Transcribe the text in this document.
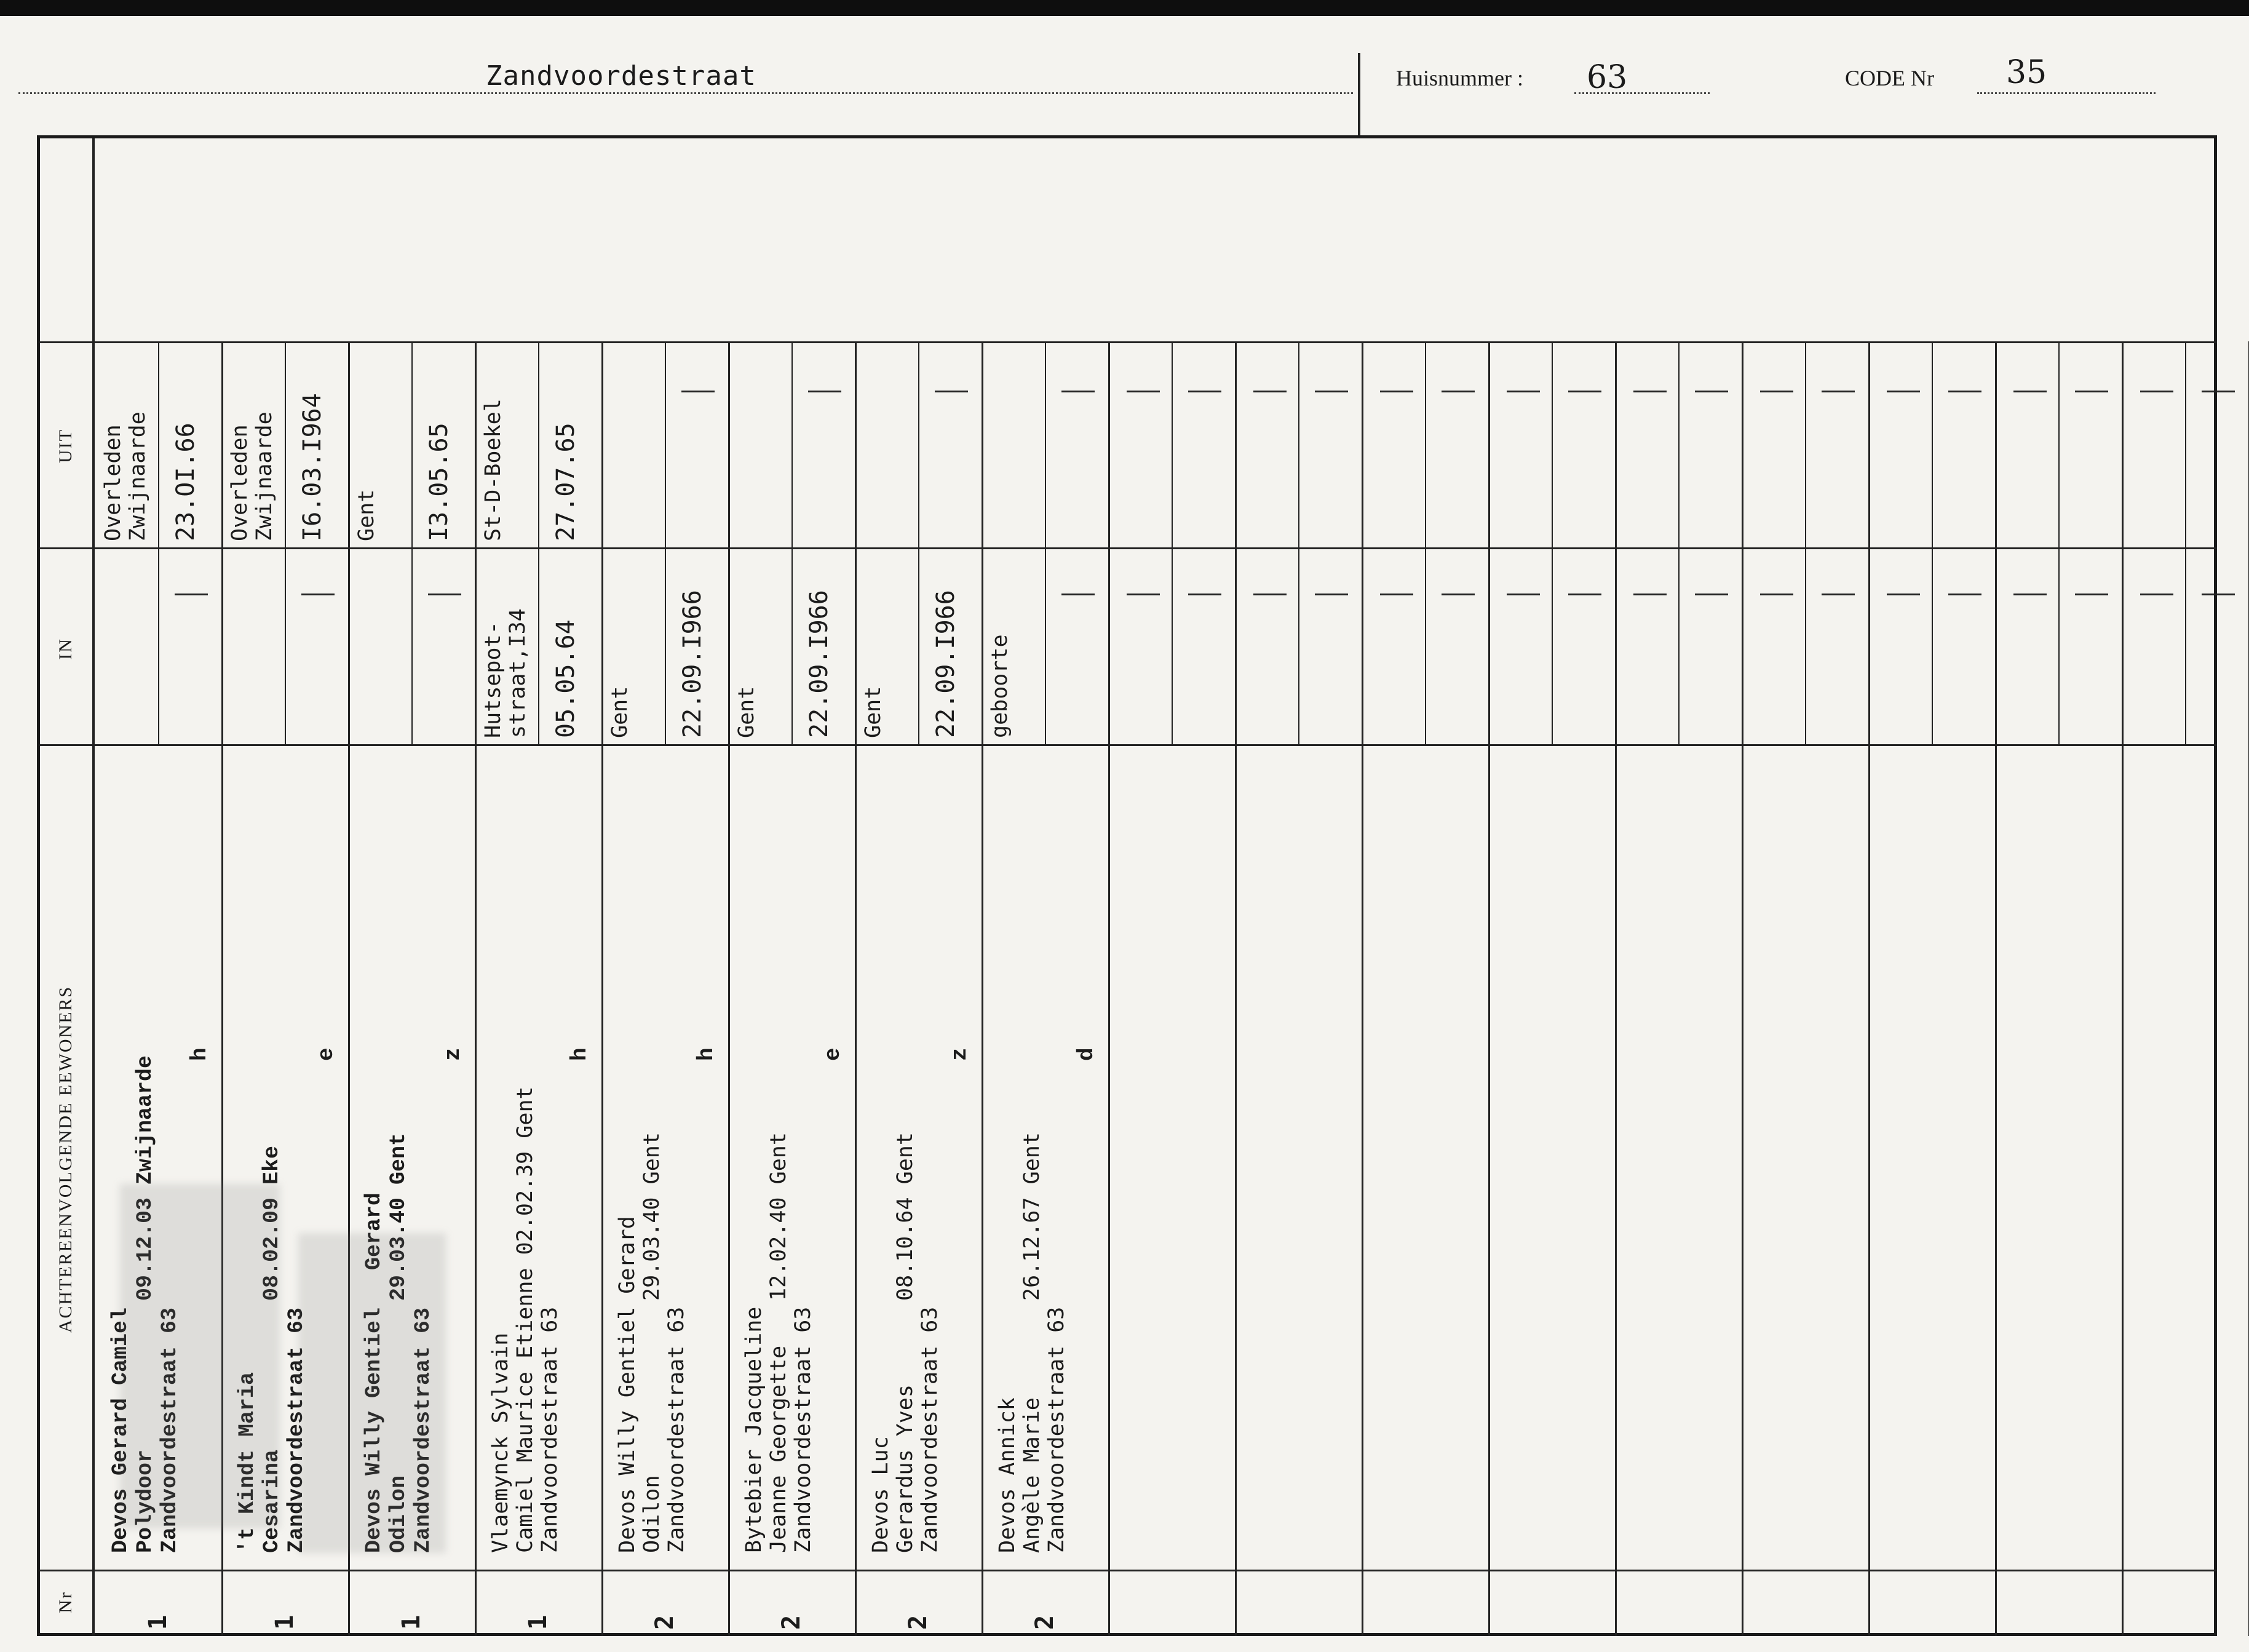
Zandvoordestraat	Huisnummer : 63	CODE Nr 35
UIT
IN
ACHTEREENVOLGENDE EEWONERS
Nr
1
Devos Gerard Camiel Polydoor Zandvoordestraat 63
09.12.03 Zwijnaarde
h
Overleden
Zwijnaarde 23.OI.66
1
't Kindt Maria Cesarina Zandvoordestraat 63
08.02.09 Eke
e
Overleden
Zwijnaarde I6.03.I964
1
Devos Willy Gentiel Odilon Zandvoordestraat 63
29.03.40 Gent
Gerard
z
Gent I3.05.65
1
Vlaemynck Sylvain Camiel Maurice Etienne 02.02.39 Gent Zandvoordestraat 63
h
Hutsepot-
straat,I34 05.05.64
St-D-Boekel 27.07.65
2
Devos Willy Gentiel Gerard Odilon Zandvoordestraat 63
29.03.40 Gent
h
Gent 22.09.I966
2
Bytebier Jacqueline Jeanne Georgette Zandvoordestraat 63
12.02.40 Gent
e
Gent 22.09.I966
2
Devos Luc Gerardus Yves Zandvoordestraat 63
08.10.64 Gent
z
Gent 22.09.I966
2
Devos Annick Angèle Marie Zandvoordestraat 63
26.12.67 Gent
d
geboorte
